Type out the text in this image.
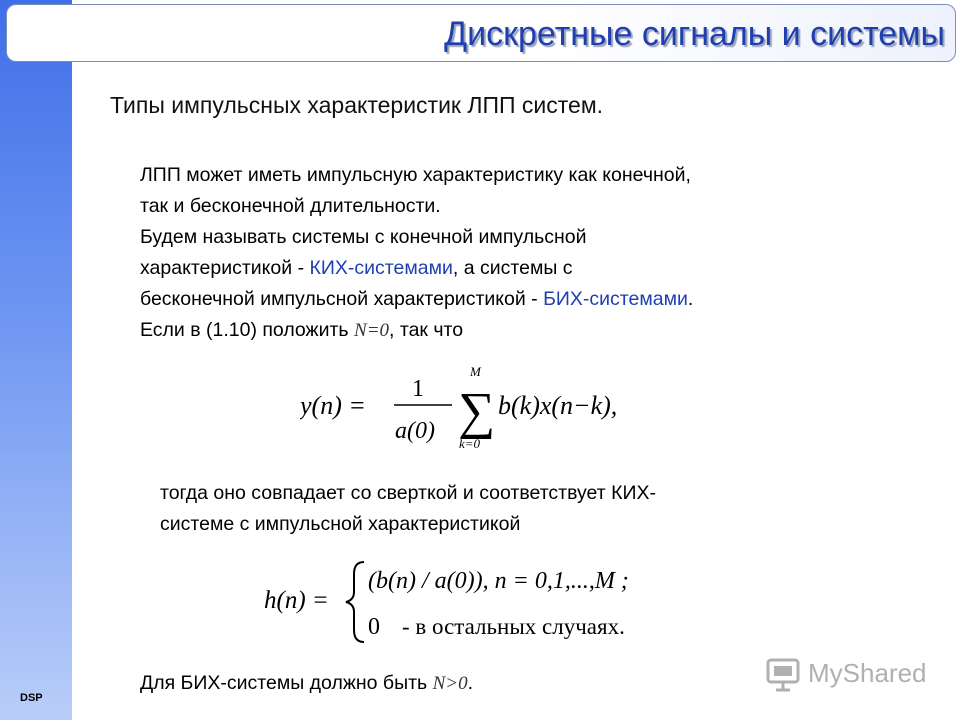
DSP
Дискретные сигналы и системы
Типы импульсных характеристик ЛПП систем.
ЛПП может иметь импульсную характеристику как конечной,
так и бесконечной длительности.
Будем называть системы с конечной импульсной
характеристикой - КИХ-системами, а системы с
бесконечной импульсной характеристикой - БИХ-системами.
Если в (1.10) положить N=0, так что
y(n) =
1
a(0)
M
∑
k=0
b(k)x(n−k),
тогда оно совпадает со сверткой и соответствует КИХ-
системе с импульсной характеристикой
h(n) =
(b(n) / a(0)), n = 0,1,...,M ;
0 - в остальных случаях.
Для БИХ-системы должно быть N>0.	MyShared
